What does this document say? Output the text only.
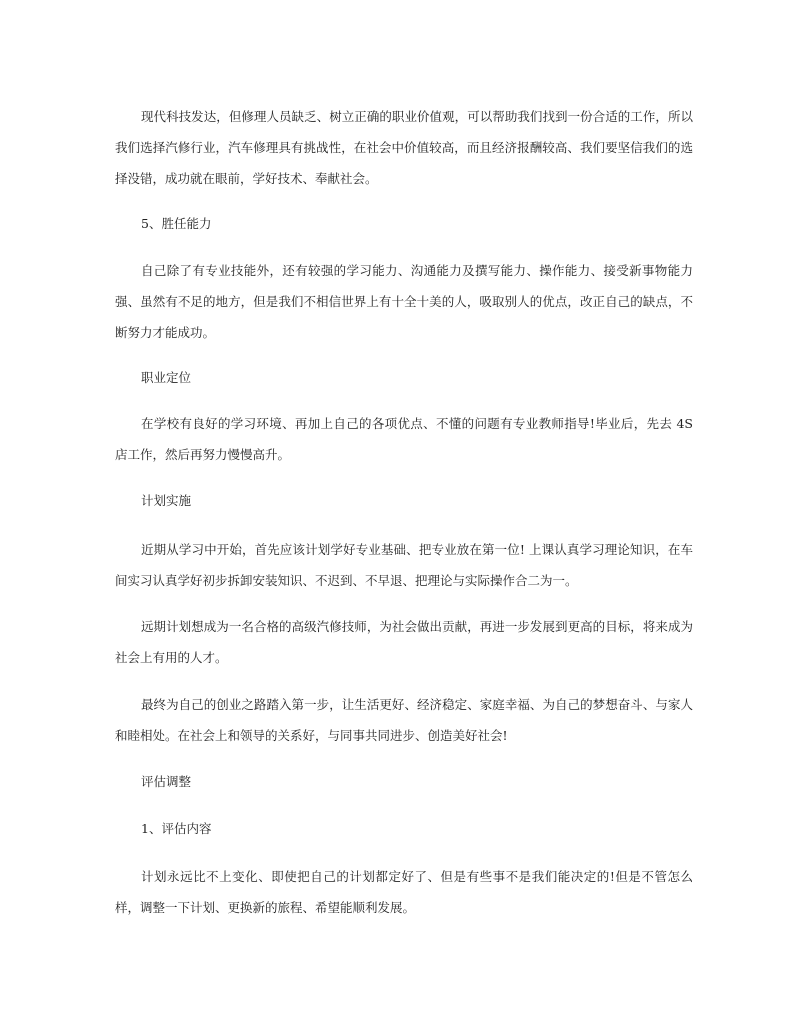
现代科技发达，但修理人员缺乏、树立正确的职业价值观，可以帮助我们找到一份合适的工作，所以我们选择汽修行业，汽车修理具有挑战性，在社会中价值较高，而且经济报酬较高、我们要坚信我们的选择没错，成功就在眼前，学好技术、奉献社会。

5、胜任能力

自己除了有专业技能外，还有较强的学习能力、沟通能力及撰写能力、操作能力、接受新事物能力强、虽然有不足的地方，但是我们不相信世界上有十全十美的人，吸取别人的优点，改正自己的缺点，不断努力才能成功。

职业定位

在学校有良好的学习环境、再加上自己的各项优点、不懂的问题有专业教师指导!毕业后，先去 4S 店工作，然后再努力慢慢高升。

计划实施

近期从学习中开始，首先应该计划学好专业基础、把专业放在第一位! 上课认真学习理论知识，在车间实习认真学好初步拆卸安装知识、不迟到、不早退、把理论与实际操作合二为一。

远期计划想成为一名合格的高级汽修技师，为社会做出贡献，再进一步发展到更高的目标，将来成为社会上有用的人才。

最终为自己的创业之路踏入第一步，让生活更好、经济稳定、家庭幸福、为自己的梦想奋斗、与家人和睦相处。在社会上和领导的关系好，与同事共同进步、创造美好社会!

评估调整

1、评估内容

计划永远比不上变化、即使把自己的计划都定好了、但是有些事不是我们能决定的!但是不管怎么样，调整一下计划、更换新的旅程、希望能顺利发展。
